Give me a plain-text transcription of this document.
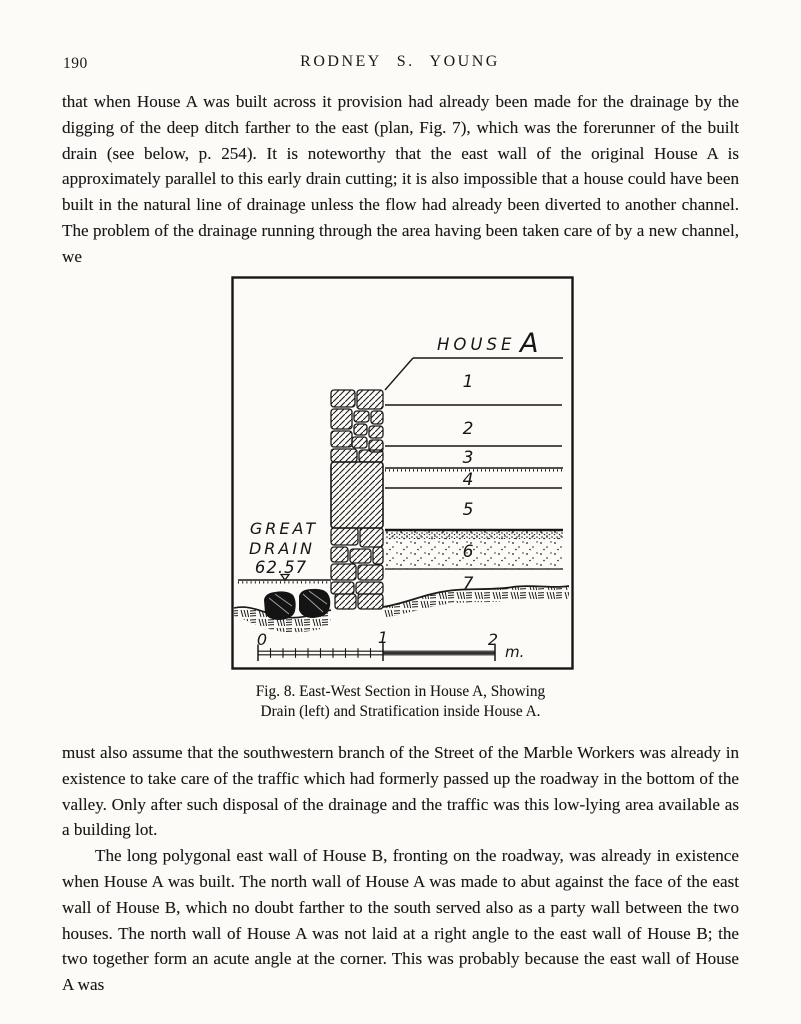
190	RODNEY S. YOUNG

that when House A was built across it provision had already been made for the drainage by the digging of the deep ditch farther to the east (plan, Fig. 7), which was the forerunner of the built drain (see below, p. 254). It is noteworthy that the east wall of the original House A is approximately parallel to this early drain cutting; it is also impossible that a house could have been built in the natural line of drainage unless the flow had already been diverted to another channel. The problem of the drainage running through the area having been taken care of by a new channel, we

HOUSE A
1
2
3
4
5
6
7
GREAT
DRAIN
62.57
0	1	2
m.
Fig. 8. East-West Section in House A, Showing
Drain (left) and Stratification inside House A.

must also assume that the southwestern branch of the Street of the Marble Workers was already in existence to take care of the traffic which had formerly passed up the roadway in the bottom of the valley. Only after such disposal of the drainage and the traffic was this low-lying area available as a building lot.

The long polygonal east wall of House B, fronting on the roadway, was already in existence when House A was built. The north wall of House A was made to abut against the face of the east wall of House B, which no doubt farther to the south served also as a party wall between the two houses. The north wall of House A was not laid at a right angle to the east wall of House B; the two together form an acute angle at the corner. This was probably because the east wall of House A was
